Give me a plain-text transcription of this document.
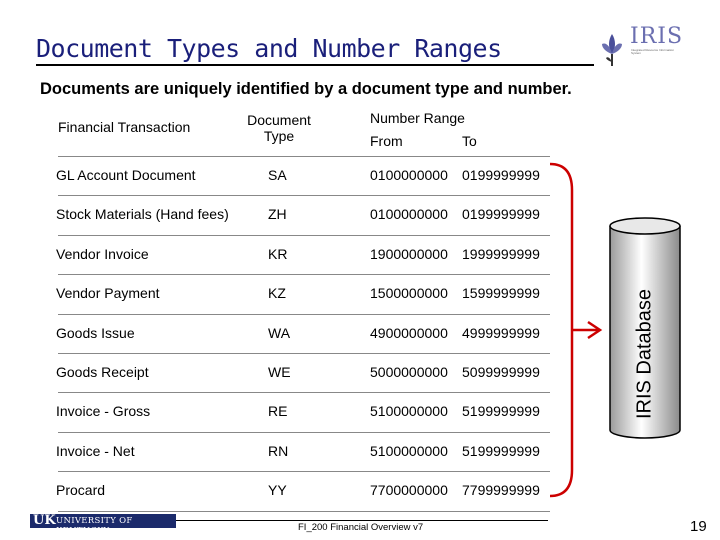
Document Types and Number Ranges	IRIS
Integrated Resource Information System
Documents are uniquely identified by a document type and number.
Financial Transaction	Document
Type
Number Range
From	To
GL Account Document	SA	0100000000 0199999999
Stock Materials (Hand fees)	ZH	0100000000 0199999999
Vendor Invoice	KR	1900000000 1999999999
Vendor Payment	KZ	1500000000 1599999999
Goods Issue	WA	4900000000 4999999999
Goods Receipt	WE	5000000000 5099999999
Invoice - Gross	RE	5100000000 5199999999
Invoice - Net	RN	5100000000 5199999999
Procard	YY	7700000000 7799999999
IRIS Database
UK UNIVERSITY OF KENTUCKY	FI_200 Financial Overview v7	19
